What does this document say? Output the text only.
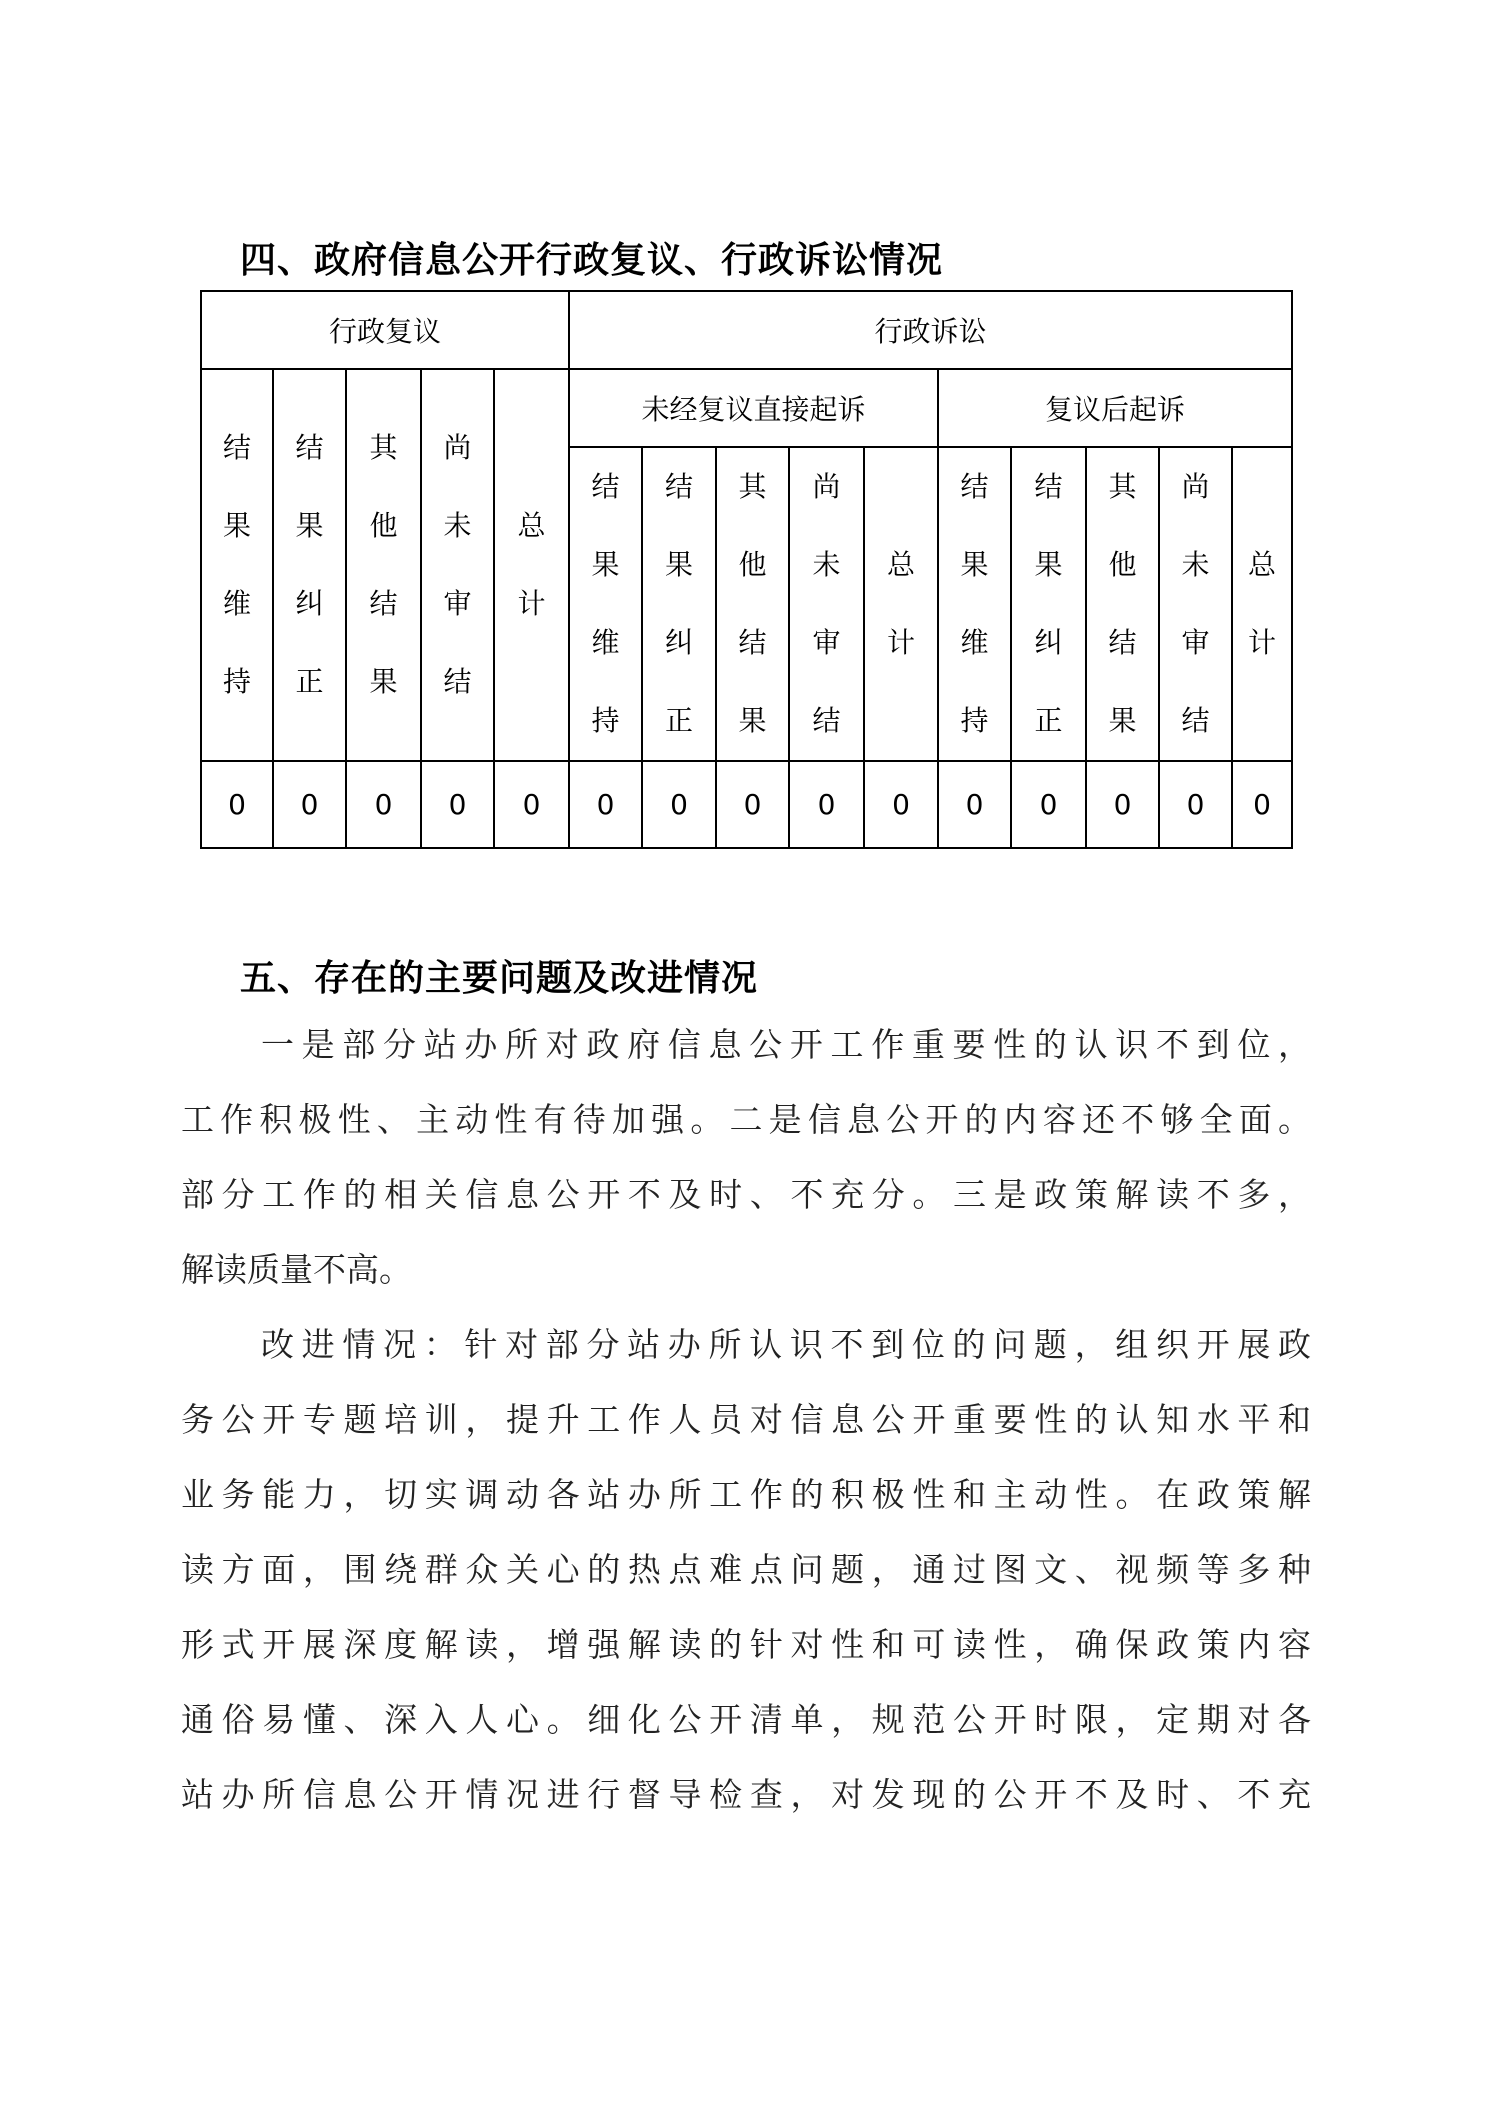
四、政府信息公开行政复议、行政诉讼情况
行政复议					行政诉讼									
结果维持	结果纠正	其他结果	尚未审结	总计	未经复议直接起诉					复议后起诉				
					结果维持	结果纠正	其他结果	尚未审结	总计	结果维持	结果纠正	其他结果	尚未审结	总计
0	0	0	0	0	0	0	0	0	0	0	0	0	0	0
五、存在的主要问题及改进情况
一是部分站办所对政府信息公开工作重要性的认识不到位，
工作积极性、主动性有待加强。二是信息公开的内容还不够全面。
部分工作的相关信息公开不及时、不充分。三是政策解读不多，
解读质量不高。
改进情况：针对部分站办所认识不到位的问题，组织开展政
务公开专题培训，提升工作人员对信息公开重要性的认知水平和
业务能力，切实调动各站办所工作的积极性和主动性。在政策解
读方面，围绕群众关心的热点难点问题，通过图文、视频等多种
形式开展深度解读，增强解读的针对性和可读性，确保政策内容
通俗易懂、深入人心。细化公开清单，规范公开时限，定期对各
站办所信息公开情况进行督导检查，对发现的公开不及时、不充
